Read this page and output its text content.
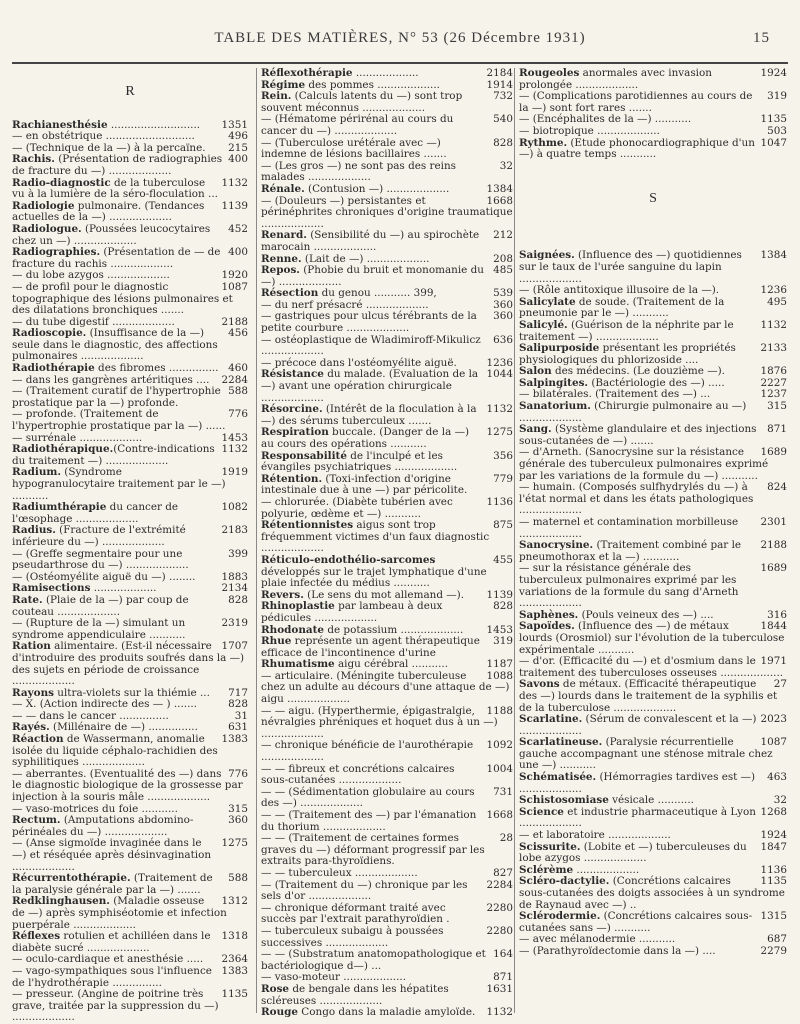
TABLE DES MATIÈRES, N° 53 (26 Décembre 1931)	15
R
1351
Rachianesthésie ...........................
496
— en obstétrique ...........................
215
— (Technique de la —) à la percaïne.
400
Rachis. (Présentation de radiographies de fracture du —) ...................
1132
Radio-diagnostic de la tuberculose vu à la lumière de la séro-floculation ...
1139
Radiologie pulmonaire. (Tendances actuelles de la —) ...................
452
Radiologue. (Poussées leucocytaires chez un —) ...................
400
Radiographies. (Présentation de — de fracture du rachis ...................
1920
— du lobe azygos ...................
1087
— de profil pour le diagnostic topographique des lésions pulmonaires et des dilatations bronchiques .......
2188
— du tube digestif ...................
456
Radioscopie. (Insuffisance de la —) seule dans le diagnostic, des affections pulmonaires ...................
460
Radiothérapie des fibromes ...............
2284
— dans les gangrènes artéritiques ....
588
— (Traitement curatif de l'hypertrophie prostatique par la —) profonde.
776
— profonde. (Traitement de l'hypertrophie prostatique par la —) ......
1453
— surrénale ...................
1132
Radiothérapique.(Contre-indications du traitement —) ...................
1919
Radium. (Syndrome hypogranulocytaire traitement par le —) ...........
1082
Radiumthérapie du cancer de l'œsophage ...................
2183
Radius. (Fracture de l'extrémité inférieure du —) ...................
399
— (Greffe segmentaire pour une pseudarthrose du —) ...................
1883
— (Ostéomyélite aiguë du —) ........
2134
Ramisections ...................
828
Rate. (Plaie de la —) par coup de couteau ...................
2319
— (Rupture de la —) simulant un syndrome appendiculaire ...........
1707
Ration alimentaire. (Est-il nécessaire d'introduire des produits soufrés dans la —) des sujets en période de croissance ...................
717
Rayons ultra-violets sur la thiémie ...
828
— X. (Action indirecte des — ) .......
31
— — dans le cancer ...............
631
Rayés. (Millénaire de —) ...............
1383
Réaction de Wassermann, anomalie isolée du liquide céphalo-rachidien des syphilitiques ...................
776
— aberrantes. (Eventualité des —) dans le diagnostic biologique de la grossesse par injection à la souris mâle ...................
315
— vaso-motrices du foie ...........
360
Rectum. (Amputations abdomino-périnéales du —) ...................
1275
— (Anse sigmoïde invaginée dans le —) et réséquée après désinvagination ...................
588
Récurrentothérapie. (Traitement de la paralysie générale par la —) .......
1312
Redklinghausen. (Maladie osseuse de —) après symphiséotomie et infection puerpérale ...................
1318
Réflexes rotulien et achilléen dans le diabète sucré ...................
2364
— oculo-cardiaque et anesthésie .....
1383
— vago-sympathiques sous l'influence de l'hydrothérapie ...............
1135
— presseur. (Angine de poitrine très grave, traitée par la suppression du —) ...................
2184
Réflexothérapie ...................
1914
Régime des pommes ...................
732
Rein. (Calculs latents du —) sont trop souvent méconnus ...................
540
— (Hématome périrénal au cours du cancer du —) ...................
828
— (Tuberculose urétérale avec —) indemne de lésions bacillaires .......
32
— (Les gros —) ne sont pas des reins malades ...................
1384
Rénale. (Contusion —) ...................
1668
— (Douleurs —) persistantes et périnéphrites chroniques d'origine traumatique ...................
212
Renard. (Sensibilité du —) au spirochète marocain ...................
208
Renne. (Lait de —) ...................
485
Repos. (Phobie du bruit et monomanie du —) ...................
539
Résection du genou ........... 399,
360
— du nerf présacré ...................
360
— gastriques pour ulcus térébrants de la petite courbure ...................
636
— ostéoplastique de Wladimiroff-Mikulicz ...................
1236
— précoce dans l'ostéomyélite aiguë.
1044
Résistance du malade. (Evaluation de la —) avant une opération chirurgicale ...................
1132
Résorcine. (Intérêt de la floculation à la —) des sérums tuberculeux .......
1275
Respiration buccale. (Danger de la —) au cours des opérations ...........
356
Responsabilité de l'inculpé et les évangiles psychiatriques ...................
779
Rétention. (Toxi-infection d'origine intestinale due à une —) par péricolite.
1136
— chlorurée. (Diabète tubérien avec polyurie, œdème et —) ...........
875
Rétentionnistes aigus sont trop fréquemment victimes d'un faux diagnostic ...................
455
Réticulo-endothélio-sarcomes développés sur le trajet lymphatique d'une plaie infectée du médius ...........
1139
Revers. (Le sens du mot allemand —).
828
Rhinoplastie par lambeau à deux pédicules ...................
1453
Rhodonate de potassium ...................
319
Rhue représente un agent thérapeutique efficace de l'incontinence d'urine
1187
Rhumatisme aigu cérébral ...........
1088
— articulaire. (Méningite tuberculeuse chez un adulte au décours d'une attaque de —) aigu ...................
1188
— — aigu. (Hyperthermie, épigastralgie, névralgies phréniques et hoquet dus à un —) ...................
1092
— chronique bénéficie de l'aurothérapie ...................
1004
— — fibreux et concrétions calcaires sous-cutanées ...................
731
— — (Sédimentation globulaire au cours des —) ...................
1668
— — (Traitement des —) par l'émanation du thorium ...................
28
— — (Traitement de certaines formes graves du —) déformant progressif par les extraits para-thyroïdiens.
827
— — tuberculeux ...................
2284
— (Traitement du —) chronique par les sels d'or ...................
2280
— chronique déformant traité avec succès par l'extrait parathyroïdien .
2280
— tuberculeux subaigu à poussées successives ...................
164
— — (Substratum anatomopathologique et bactériologique d—) ...
871
— vaso-moteur ...................
1631
Rose de bengale dans les hépatites scléreuses ...................
1132
Rouge Congo dans la maladie amyloïde.
1924
Rougeoles anormales avec invasion prolongée ...................
319
— (Complications parotidiennes au cours de la —) sont fort rares .......
1135
— (Encéphalites de la —) ...........
503
— biotropique ...................
1047
Rythme. (Etude phonocardiographique d'un —) à quatre temps ...........
S
1384
Saignées. (Influence des —) quotidiennes sur le taux de l'urée sanguine du lapin ...................
1236
— (Rôle antitoxique illusoire de la —).
495
Salicylate de soude. (Traitement de la pneumonie par le —) ...........
1132
Salicylé. (Guérison de la néphrite par le traitement —) ...................
2133
Salipurposide présentant les propriétés physiologiques du phlorizoside ....
1876
Salon des médecins. (Le douzième —).
2227
Salpingites. (Bactériologie des —) .....
1237
— bilatérales. (Traitement des —) ...
315
Sanatorium. (Chirurgie pulmonaire au —) ...................
871
Sang. (Système glandulaire et des injections sous-cutanées de —) .......
1689
— d'Arneth. (Sanocrysine sur la résistance générale des tuberculeux pulmonaires exprimé par les variations de la formule du —) ...........
824
— humain. (Composés sulfhydrylés du —) à l'état normal et dans les états pathologiques ...................
2301
— maternel et contamination morbilleuse ...................
2188
Sanocrysine. (Traitement combiné par le pneumothorax et la —) ...........
1689
— sur la résistance générale des tuberculeux pulmonaires exprimé par les variations de la formule du sang d'Arneth ...................
316
Saphènes. (Pouls veineux des —) ....
1844
Sapoïdes. (Influence des —) de métaux lourds (Orosmiol) sur l'évolution de la tuberculose expérimentale ...........
1971
— d'or. (Efficacité du —) et d'osmium dans le traitement des tuberculoses osseuses ...................
27
Savons de métaux. (Efficacité thérapeutique des —) lourds dans le traitement de la syphilis et de la tuberculose ...................
2023
Scarlatine. (Sérum de convalescent et la —) ...................
1087
Scarlatineuse. (Paralysie récurrentielle gauche accompagnant une sténose mitrale chez une —) ...........
463
Schématisée. (Hémorragies tardives est —) ...................
32
Schistosomiase vésicale ...........
1268
Science et industrie pharmaceutique à Lyon ...................
1924
— et laboratoire ...................
1847
Scissurite. (Lobite et —) tuberculeuses du lobe azygos ...................
1136
Sclérème ...................
1135
Scléro-dactylie. (Concrétions calcaires sous-cutanées des doigts associées à un syndrome de Raynaud avec —) ..
1315
Sclérodermie. (Concrétions calcaires sous-cutanées sans —) ...........
687
— avec mélanodermie ...........
2279
— (Parathyroïdectomie dans la —) ....
